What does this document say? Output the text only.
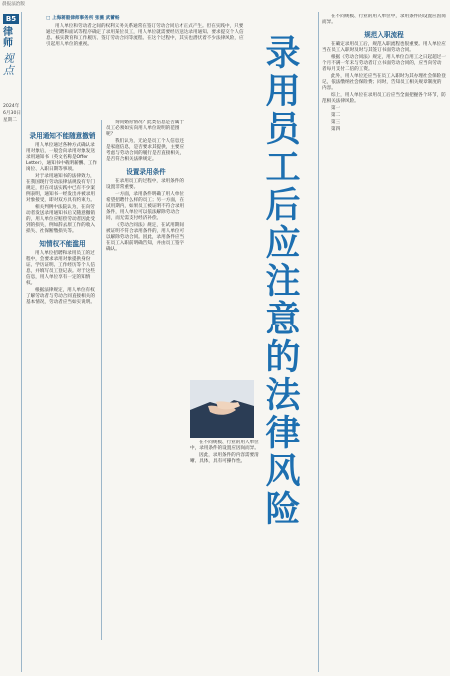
晨报法治版
B5
律师
视点
2024年
6月30日
星期二
□ 上海蒋毅律师事务所 张薇 武蕾畅
用人单位和劳动者之间的权利义务关系通常在签订劳动合同后才正式产生。但在实践中，只要通过招聘和面试等程序确定了录用某位员工，用人单位就需要经历送达录用通知、要求提交个人信息、核实教育和工作履历、签订劳动合同等流程。在这个过程中，其实也潜伏着不少法律风险，应引起用人单位的重视。	录用员工后应注意的法律风险
录用通知不能随意撤销

用人单位通过各种方式确认录用对象后，一般会向录用对象发送录用通知书（英文名称是Offer Letter），通知书中载明薪酬、工作岗位、入职日期等事项。

对于录用通知书的法律效力，在我国现行劳动法律法规没有专门规定，但在司法实践中已有不少案例表明，通知书一经发出并被录用对象接受，即对双方具有约束力。

相关判例中法院认为，在向劳动者发送录用通知书后又随意撤销的，用人单位应赔偿劳动者因此受到的损失，例如辞去原工作的收入损失、社保断缴损失等。

知情权不能滥用

用人单位招聘和录用员工的过程中，会要求录用对象提供身份证、学历证明、工作经历等个人信息，并填写员工登记表。对于这些信息，用人单位享有一定的知情权。

根据法律规定，用人单位有权了解劳动者与劳动合同直接相关的基本情况，劳动者应当如实说明。

询问婚育情况？此类信息是否属于员工必须如实向用人单位说明的范围呢？

我们认为，无论是员工个人信息还是家庭信息，是否要求其提供，主要应考虑与劳动合同的履行是否直接相关，是否符合相关法律规定。

设置录用条件

在录用员工的过程中，录用条件的设置非常重要。

一方面，录用条件明确了用人单位希望招聘什么样的员工；另一方面，在试用期内，如果员工被证明不符合录用条件，用人单位可以依法解除劳动合同，而无需支付经济补偿。

《劳动合同法》规定，在试用期间被证明不符合录用条件的，用人单位可以解除劳动合同。因此，录用条件应当在员工入职前明确告知，并由员工签字确认。

在不同规模、行业的用人单位中，录用条件的设置应因岗而异。

因此，录用条件的内容需要清晰、具体，具有可操作性。

在不同规模、行业的用人单位中，录用条件的设置应因岗而异。

规范入职流程

在确定录用员工后，规范入职流程也很重要。用人单位应当在员工入职时及时与其签订书面劳动合同。

根据《劳动合同法》规定，用人单位自用工之日起超过一个月不满一年未与劳动者订立书面劳动合同的，应当向劳动者每月支付二倍的工资。

此外，用人单位还应当在员工入职时为其办理社会保险登记，依法缴纳社会保险费；同时，告知员工相关规章制度的内容。

综上，用人单位在录用员工后应当全面把握各个环节，防范相关法律风险。

第一

第二

第三

第四
